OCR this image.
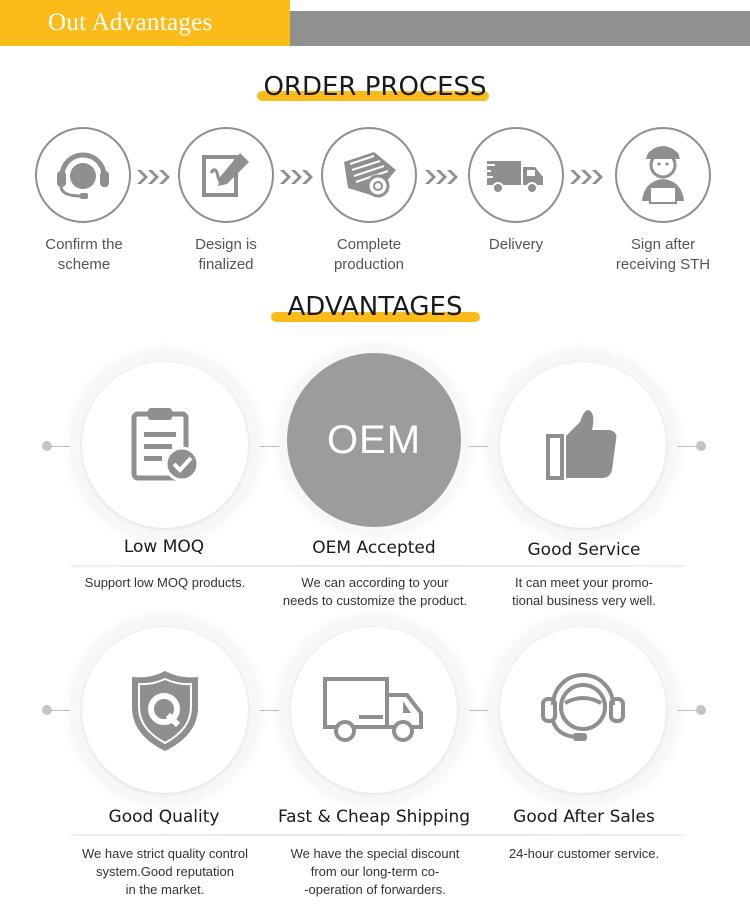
Out Advantages
ORDER PROCESS
Confirm the
scheme
Design is
finalized
Complete
production
Delivery	Sign after
receiving STH
ADVANTAGES
OEM
Low MOQ	OEM Accepted	Good Service
Support low MOQ products.	We can according to your
needs to customize the product.
It can meet your promo-
tional business very well.
Good Quality	Fast & Cheap Shipping	Good After Sales
We have strict quality control
system.Good reputation
in the market.
We have the special discount
from our long-term co-
-operation of forwarders.
24-hour customer service.
